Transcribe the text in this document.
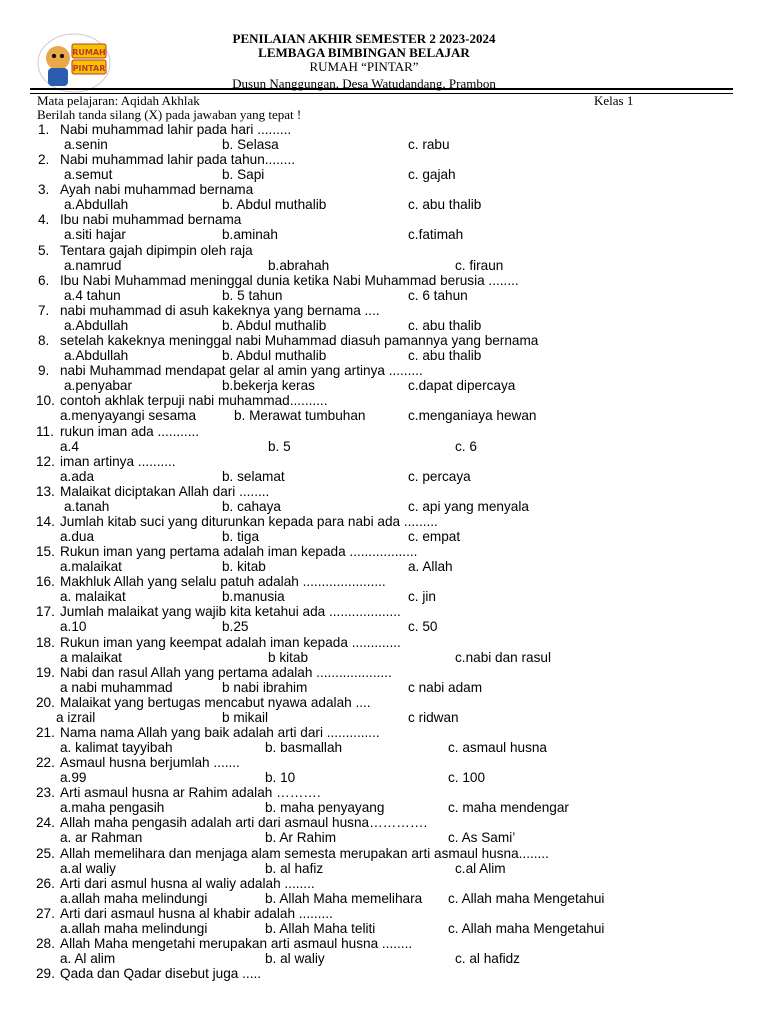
RUMAH
PINTAR
PENILAIAN AKHIR SEMESTER 2 2023-2024
LEMBAGA BIMBINGAN BELAJAR
RUMAH “PINTAR”
Dusun Nanggungan, Desa Watudandang, Prambon
Mata pelajaran: Aqidah Akhlak	Kelas 1
Berilah tanda silang (X) pada jawaban yang tepat !
1. Nabi muhammad lahir pada hari .........
a.senin	b. Selasa	c. rabu
2. Nabi muhammad lahir pada tahun........
a.semut	b. Sapi	c. gajah
3. Ayah nabi muhammad bernama
a.Abdullah	b. Abdul muthalib	c. abu thalib
4. Ibu nabi muhammad bernama
a.siti hajar	b.aminah	c.fatimah
5. Tentara gajah dipimpin oleh raja
a.namrud	b.abrahah	c. firaun
6. Ibu Nabi Muhammad meninggal dunia ketika Nabi Muhammad berusia ........
a.4 tahun	b. 5 tahun	c. 6 tahun
7. nabi muhammad di asuh kakeknya yang bernama ....
a.Abdullah	b. Abdul muthalib	c. abu thalib
8. setelah kakeknya meninggal nabi Muhammad diasuh pamannya yang bernama
a.Abdullah	b. Abdul muthalib	c. abu thalib
9. nabi Muhammad mendapat gelar al amin yang artinya .........
a.penyabar	b.bekerja keras	c.dapat dipercaya
10. contoh akhlak terpuji nabi muhammad..........
a.menyayangi sesama	b. Merawat tumbuhan	c.menganiaya hewan
11. rukun iman ada ...........
a.4	b. 5	c. 6
12. iman artinya ..........
a.ada	b. selamat	c. percaya
13. Malaikat diciptakan Allah dari ........
a.tanah	b. cahaya	c. api yang menyala
14. Jumlah kitab suci yang diturunkan kepada para nabi ada .........
a.dua	b. tiga	c. empat
15. Rukun iman yang pertama adalah iman kepada ..................
a.malaikat	b. kitab	a. Allah
16. Makhluk Allah yang selalu patuh adalah ......................
a. malaikat	b.manusia	c. jin
17. Jumlah malaikat yang wajib kita ketahui ada ...................
a.10	b.25	c. 50
18. Rukun iman yang keempat adalah iman kepada .............
a malaikat	b kitab	c.nabi dan rasul
19. Nabi dan rasul Allah yang pertama adalah ....................
a nabi muhammad	b nabi ibrahim	c nabi adam
20. Malaikat yang bertugas mencabut nyawa adalah ....
a izrail	b mikail	c ridwan
21. Nama nama Allah yang baik adalah arti dari ..............
a. kalimat tayyibah	b. basmallah	c. asmaul husna
22. Asmaul husna berjumlah .......
a.99	b. 10	c. 100
23. Arti asmaul husna ar Rahim adalah ……….
a.maha pengasih	b. maha penyayang	c. maha mendengar
24. Allah maha pengasih adalah arti dari asmaul husna………….
a. ar Rahman	b. Ar Rahim	c. As Sami’
25. Allah memelihara dan menjaga alam semesta merupakan arti asmaul husna........
a.al waliy	b. al hafiz	c.al Alim
26. Arti dari asmul husna al waliy adalah ........
a.allah maha melindungi	b. Allah Maha memelihara c. Allah maha Mengetahui
27. Arti dari asmaul husna al khabir adalah .........
a.allah maha melindungi	b. Allah Maha teliti	c. Allah maha Mengetahui
28. Allah Maha mengetahi merupakan arti asmaul husna ........
a. Al alim	b. al waliy	c. al hafidz
29. Qada dan Qadar disebut juga .....
